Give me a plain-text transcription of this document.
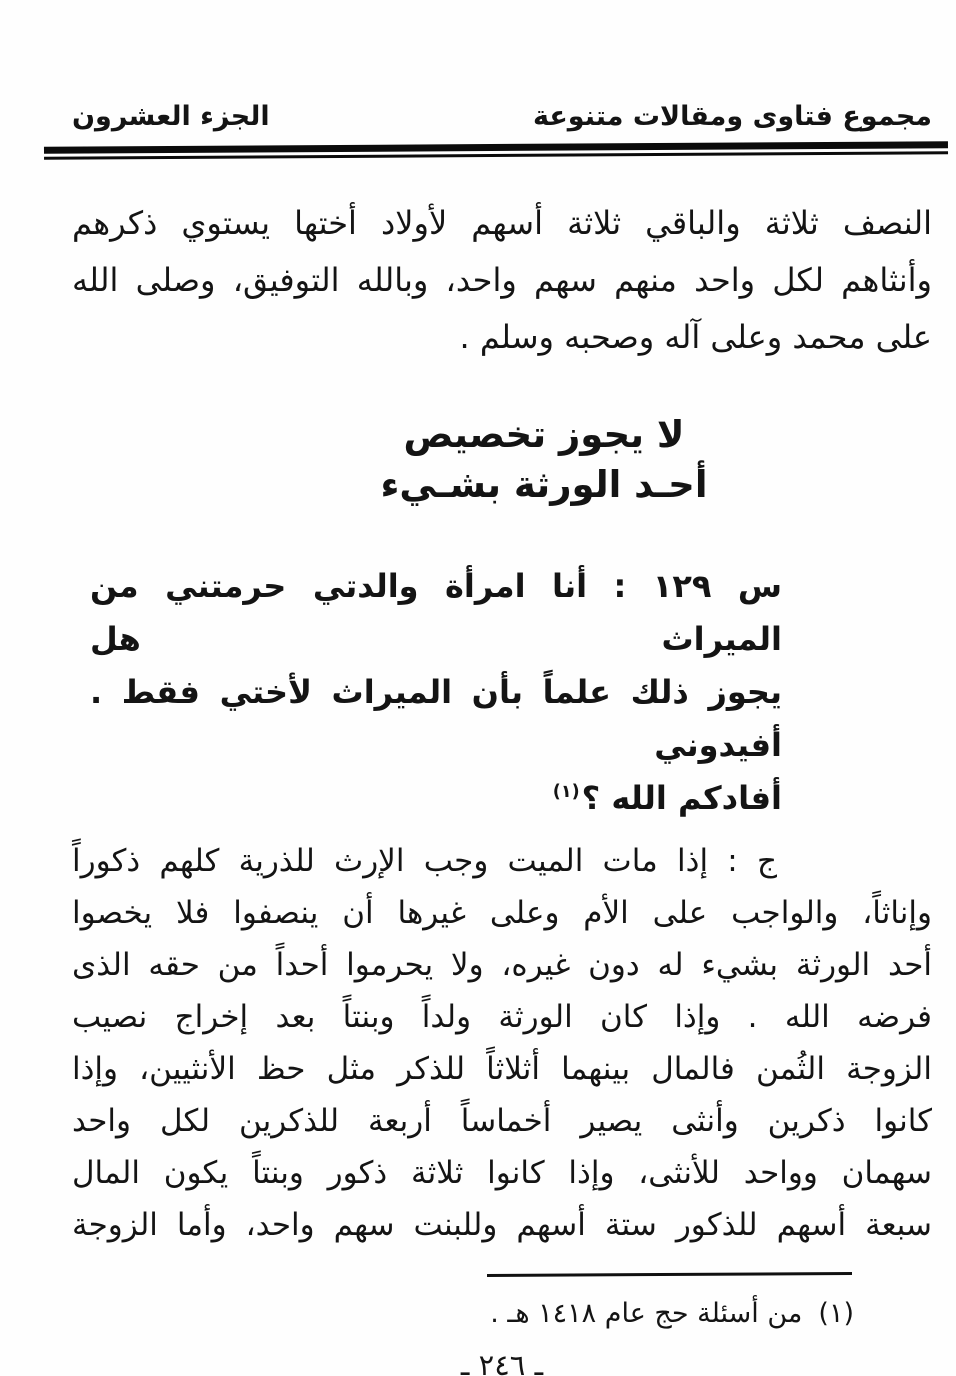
مجموع فتاوى ومقالات متنوعة
الجزء العشرون
النصف ثلاثة والباقي ثلاثة أسهم لأولاد أختها يستوي ذكرهم
وأنثاهم لكل واحد منهم سهم واحد، وبالله التوفيق، وصلى الله
على محمد وعلى آله وصحبه وسلم .
لا يجوز تخصيص
أحـد الورثة بشـيء
س ١٢٩ : أنا امرأة والدتي حرمتني من الميراث هل
يجوز ذلك علماً بأن الميراث لأختي فقط . أفيدوني
أفادكم الله ؟$^{(١)}$
ج : إذا مات الميت وجب الإرث للذرية كلهم ذكوراً
وإناثاً، والواجب على الأم وعلى غيرها أن ينصفوا فلا يخصوا
أحد الورثة بشيء له دون غيره، ولا يحرموا أحداً من حقه الذى
فرضه الله . وإذا كان الورثة ولداً وبنتاً بعد إخراج نصيب
الزوجة الثُمن فالمال بينهما أثلاثاً للذكر مثل حظ الأنثيين، وإذا
كانوا ذكرين وأنثى يصير أخماساً أربعة للذكرين لكل واحد
سهمان وواحد للأنثى، وإذا كانوا ثلاثة ذكور وبنتاً يكون المال
سبعة أسهم للذكور ستة أسهم وللبنت سهم واحد، وأما الزوجة
(١)من أسئلة حج عام ١٤١٨ هـ .
ـ ٢٤٦ ـ
